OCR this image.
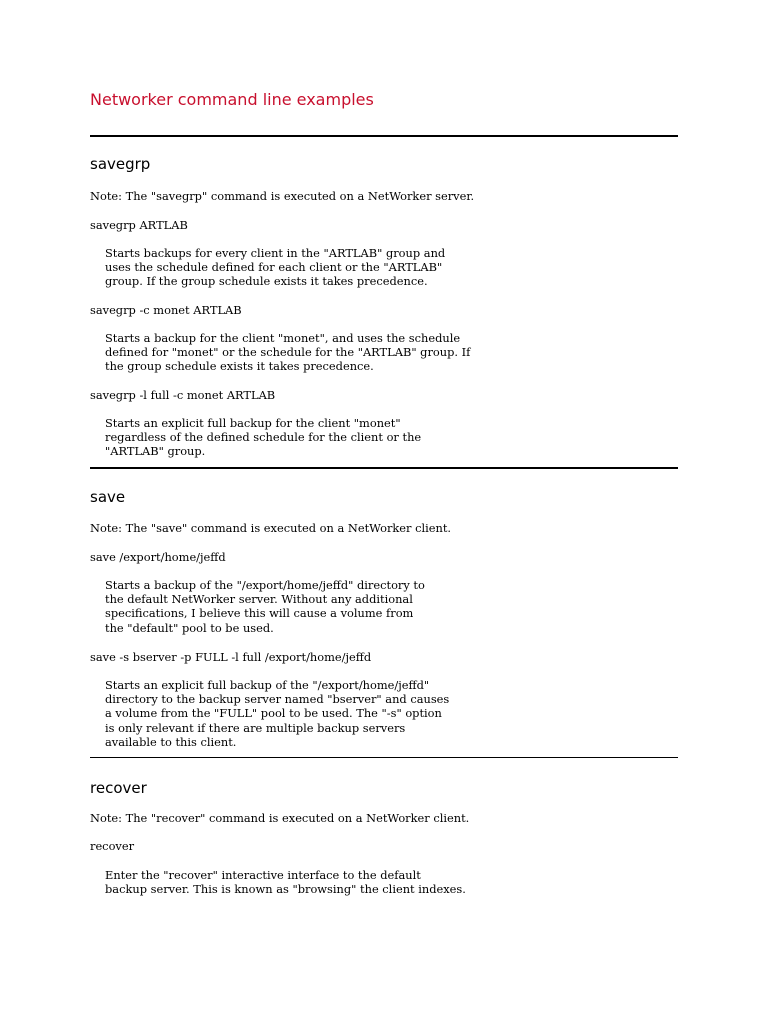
Networker command line examples
savegrp

Note: The "savegrp" command is executed on a NetWorker server.

savegrp ARTLAB

Starts backups for every client in the "ARTLAB" group and
uses the schedule defined for each client or the "ARTLAB"
group. If the group schedule exists it takes precedence.

savegrp -c monet ARTLAB

Starts a backup for the client "monet", and uses the schedule
defined for "monet" or the schedule for the "ARTLAB" group. If
the group schedule exists it takes precedence.

savegrp -l full -c monet ARTLAB

Starts an explicit full backup for the client "monet"
regardless of the defined schedule for the client or the
"ARTLAB" group.

save

Note: The "save" command is executed on a NetWorker client.

save /export/home/jeffd

Starts a backup of the "/export/home/jeffd" directory to
the default NetWorker server. Without any additional
specifications, I believe this will cause a volume from
the "default" pool to be used.

save -s bserver -p FULL -l full /export/home/jeffd

Starts an explicit full backup of the "/export/home/jeffd"
directory to the backup server named "bserver" and causes
a volume from the "FULL" pool to be used. The "-s" option
is only relevant if there are multiple backup servers
available to this client.

recover

Note: The "recover" command is executed on a NetWorker client.

recover

Enter the "recover" interactive interface to the default
backup server. This is known as "browsing" the client indexes.
